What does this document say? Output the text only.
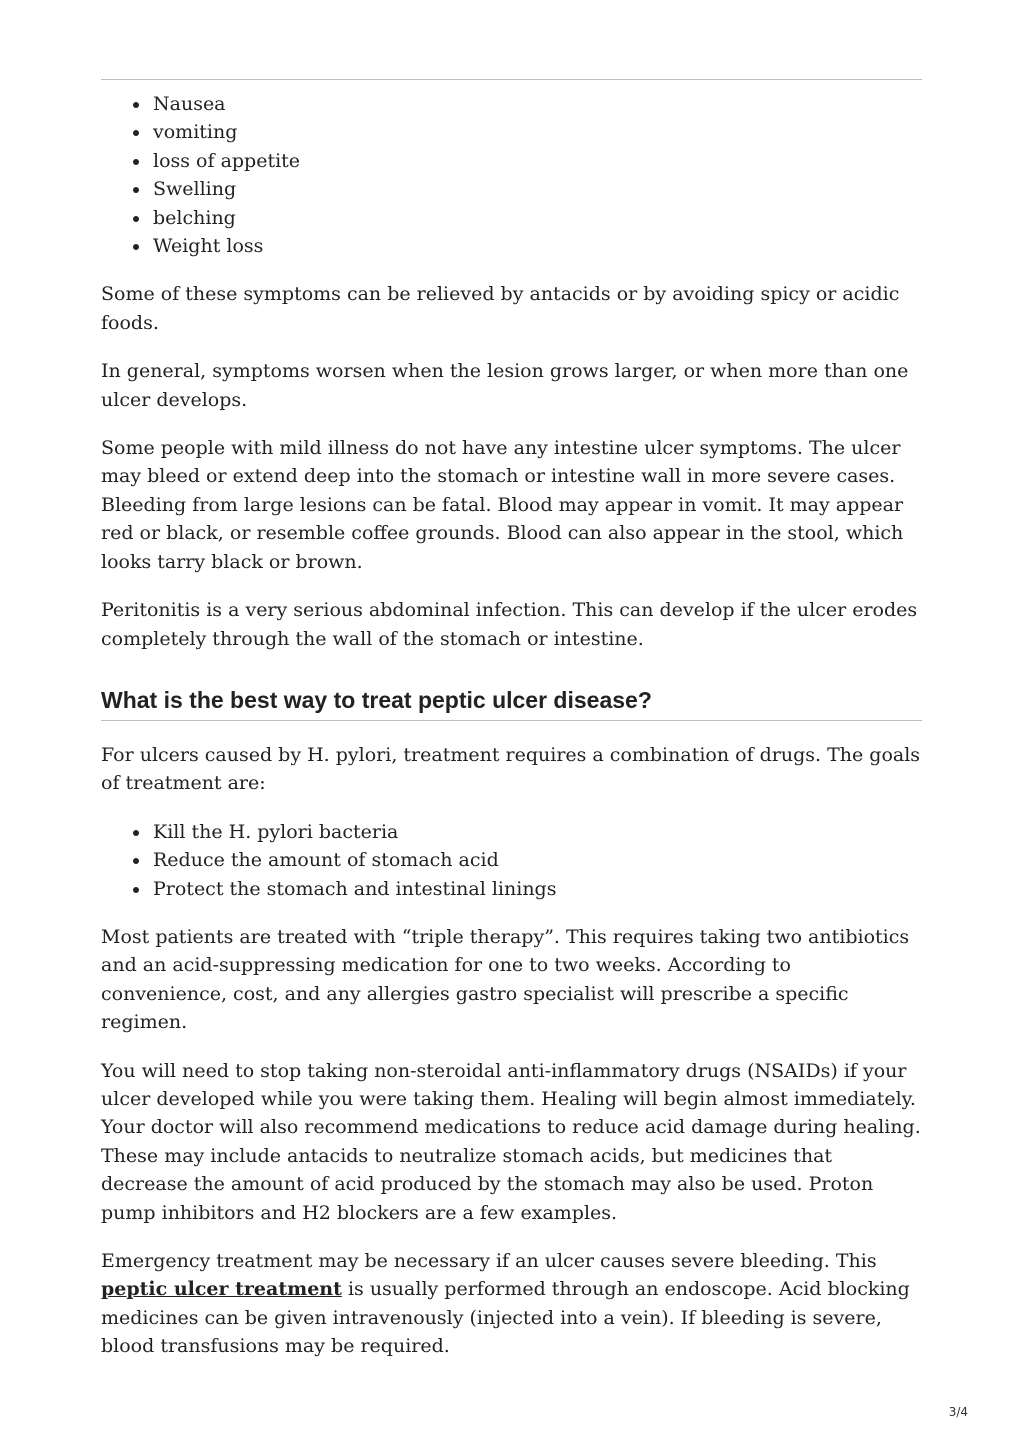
Nausea
vomiting
loss of appetite
Swelling
belching
Weight loss

Some of these symptoms can be relieved by antacids or by avoiding spicy or acidic foods.

In general, symptoms worsen when the lesion grows larger, or when more than one ulcer develops.

Some people with mild illness do not have any intestine ulcer symptoms. The ulcer may bleed or extend deep into the stomach or intestine wall in more severe cases. Bleeding from large lesions can be fatal. Blood may appear in vomit. It may appear red or black, or resemble coffee grounds. Blood can also appear in the stool, which looks tarry black or brown.

Peritonitis is a very serious abdominal infection. This can develop if the ulcer erodes completely through the wall of the stomach or intestine.

What is the best way to treat peptic ulcer disease?

For ulcers caused by H. pylori, treatment requires a combination of drugs. The goals of treatment are:

Kill the H. pylori bacteria
Reduce the amount of stomach acid
Protect the stomach and intestinal linings

Most patients are treated with “triple therapy”. This requires taking two antibiotics and an acid-suppressing medication for one to two weeks. According to convenience, cost, and any allergies gastro specialist will prescribe a specific regimen.

You will need to stop taking non-steroidal anti-inflammatory drugs (NSAIDs) if your ulcer developed while you were taking them. Healing will begin almost immediately. Your doctor will also recommend medications to reduce acid damage during healing. These may include antacids to neutralize stomach acids, but medicines that decrease the amount of acid produced by the stomach may also be used. Proton pump inhibitors and H2 blockers are a few examples.

Emergency treatment may be necessary if an ulcer causes severe bleeding. This peptic ulcer treatment is usually performed through an endoscope. Acid blocking medicines can be given intravenously (injected into a vein). If bleeding is severe, blood transfusions may be required.

3/4
